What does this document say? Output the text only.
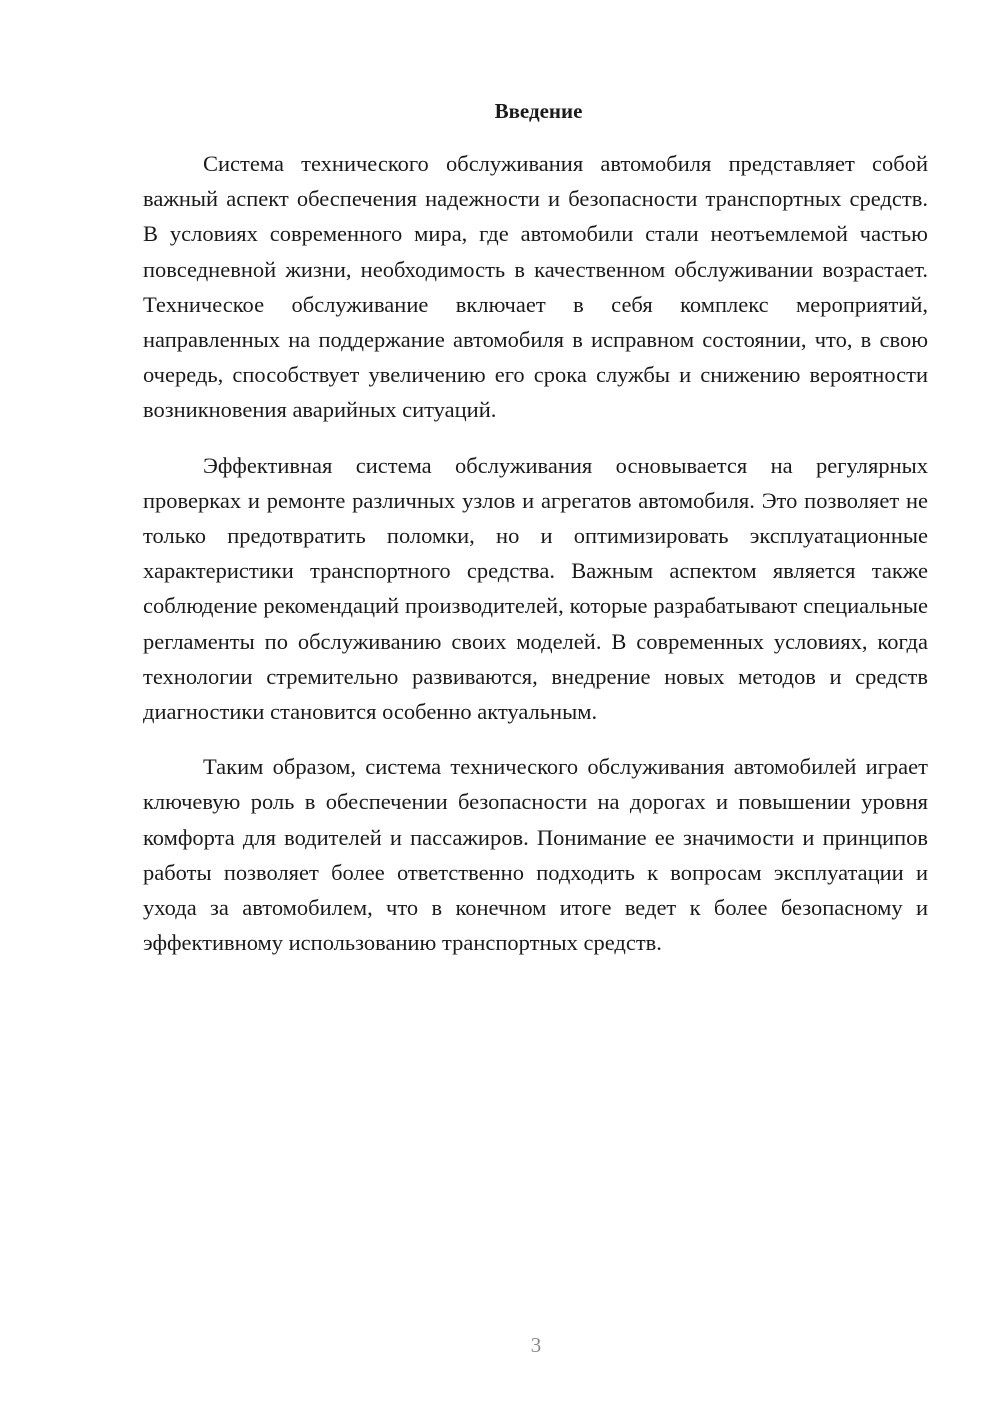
Введение

Система технического обслуживания автомобиля представляет собой важный аспект обеспечения надежности и безопасности транспортных средств. В условиях современного мира, где автомобили стали неотъемлемой частью повседневной жизни, необходимость в качественном обслуживании возрастает. Техническое обслуживание включает в себя комплекс мероприятий, направленных на поддержание автомобиля в исправном состоянии, что, в свою очередь, способствует увеличению его срока службы и снижению вероятности возникновения аварийных ситуаций.

Эффективная система обслуживания основывается на регулярных проверках и ремонте различных узлов и агрегатов автомобиля. Это позволяет не только предотвратить поломки, но и оптимизировать эксплуатационные характеристики транспортного средства. Важным аспектом является также соблюдение рекомендаций производителей, которые разрабатывают специальные регламенты по обслуживанию своих моделей. В современных условиях, когда технологии стремительно развиваются, внедрение новых методов и средств диагностики становится особенно актуальным.

Таким образом, система технического обслуживания автомобилей играет ключевую роль в обеспечении безопасности на дорогах и повышении уровня комфорта для водителей и пассажиров. Понимание ее значимости и принципов работы позволяет более ответственно подходить к вопросам эксплуатации и ухода за автомобилем, что в конечном итоге ведет к более безопасному и эффективному использованию транспортных средств.

3
